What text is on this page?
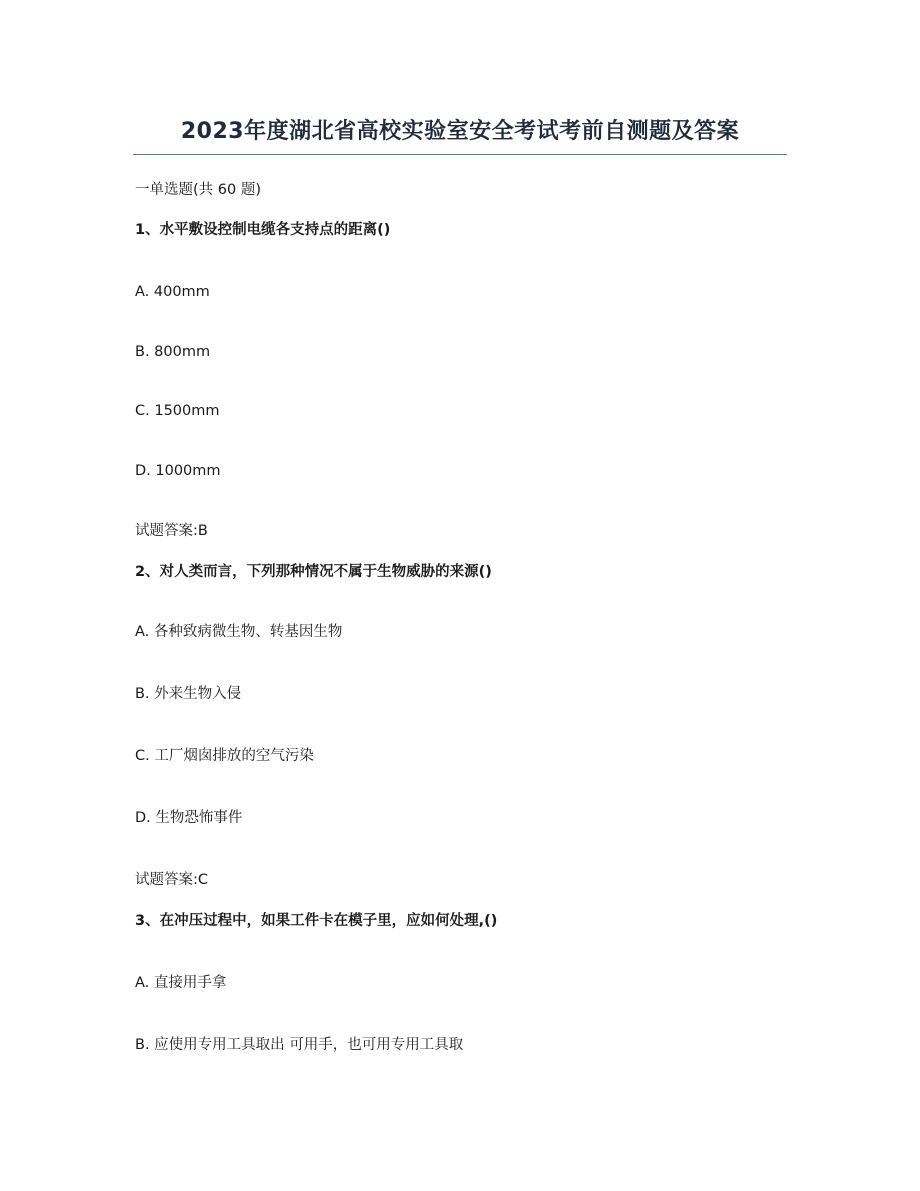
2023年度湖北省高校实验室安全考试考前自测题及答案
一单选题(共 60 题)
1、水平敷设控制电缆各支持点的距离()
A. 400mm
B. 800mm
C. 1500mm
D. 1000mm
试题答案:B
2、对人类而言，下列那种情况不属于生物威胁的来源()
A. 各种致病微生物、转基因生物
B. 外来生物入侵
C. 工厂烟囱排放的空气污染
D. 生物恐怖事件
试题答案:C
3、在冲压过程中，如果工件卡在模子里，应如何处理,()
A. 直接用手拿
B. 应使用专用工具取出 可用手，也可用专用工具取
